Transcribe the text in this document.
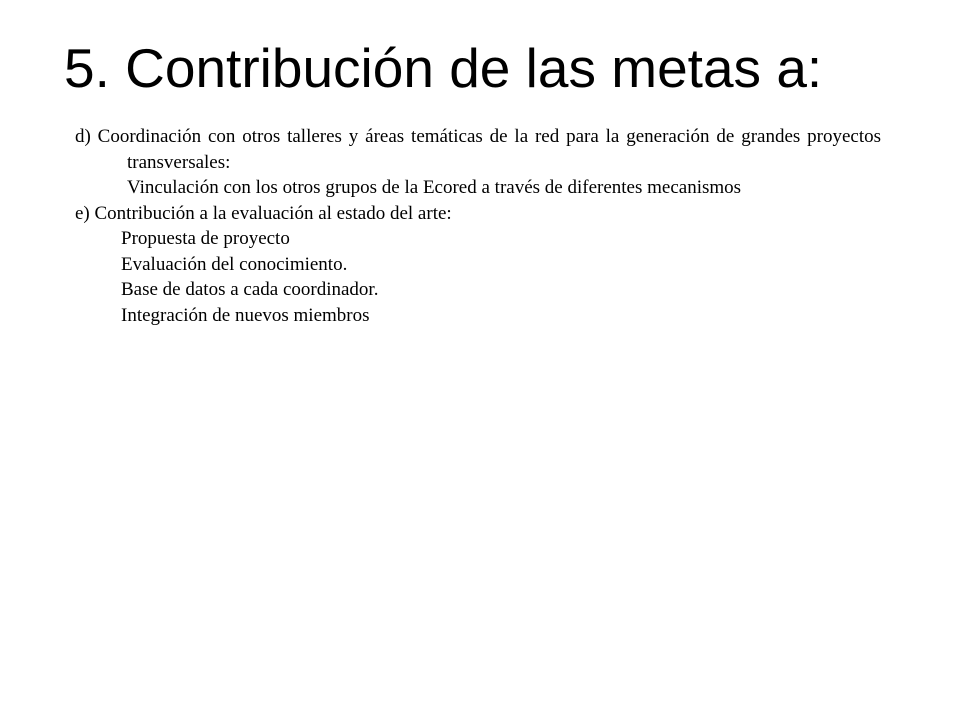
5. Contribución de las metas a:

d) Coordinación con otros talleres y áreas temáticas de la red para la generación de grandes proyectos transversales:

Vinculación con los otros grupos de la Ecored a través de diferentes mecanismos

e) Contribución a la evaluación al estado del arte:

Propuesta de proyecto

Evaluación del conocimiento.

Base de datos a cada coordinador.

Integración de nuevos miembros
